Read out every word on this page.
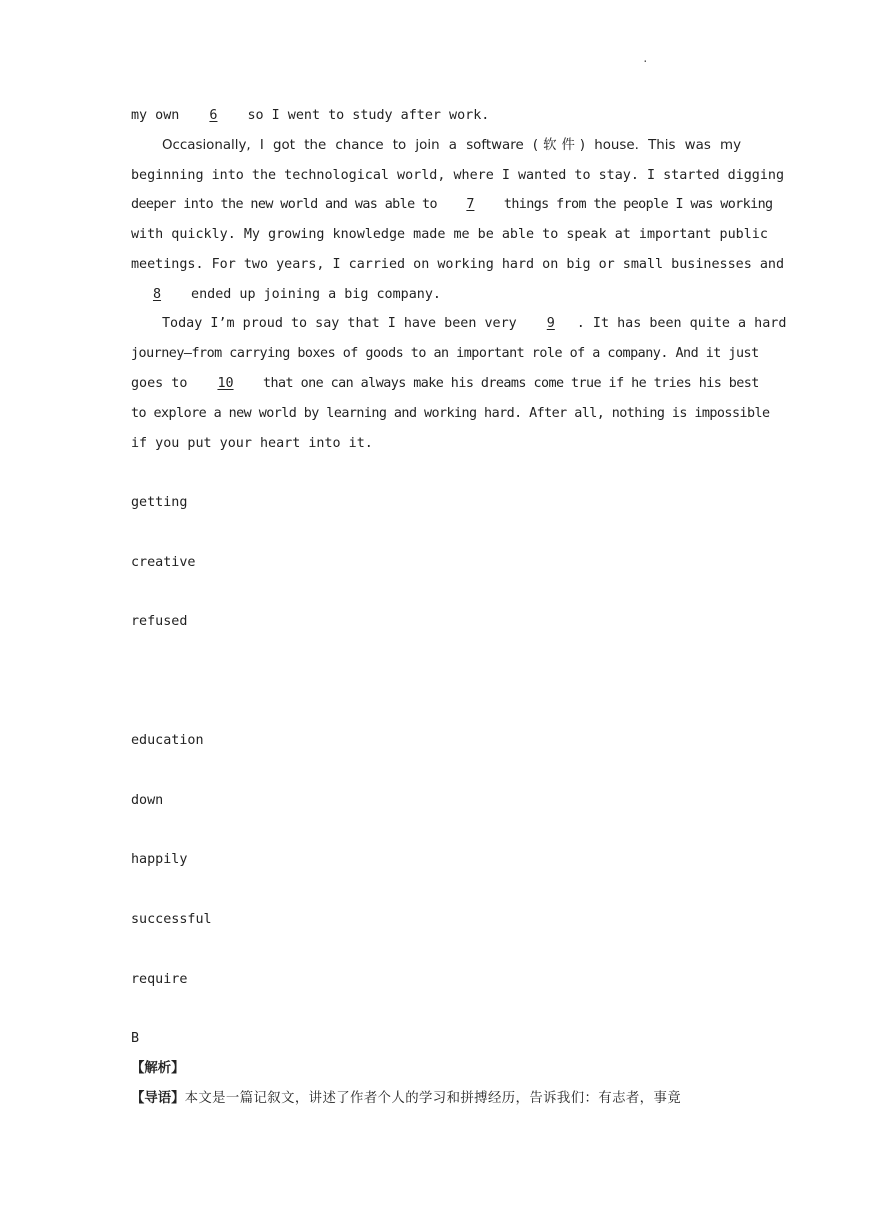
.
my own 6 so I went to study after work.
Occasionally, I got the chance to join a software (软件) house. This was my
beginning into the technological world, where I wanted to stay. I started digging
deeper into the new world and was able to 7 things from the people I was working
with quickly. My growing knowledge made me be able to speak at important public
meetings. For two years, I carried on working hard on big or small businesses and
8 ended up joining a big company.
Today I’m proud to say that I have been very 9 . It has been quite a hard
journey—from carrying boxes of goods to an important role of a company. And it just
goes to 10 that one can always make his dreams come true if he tries his best
to explore a new world by learning and working hard. After all, nothing is impossible
if you put your heart into it.
getting
creative
refused
education
down
happily
successful
require
B
【解析】
【导语】本文是一篇记叙文，讲述了作者个人的学习和拼搏经历，告诉我们：有志者，事竟
